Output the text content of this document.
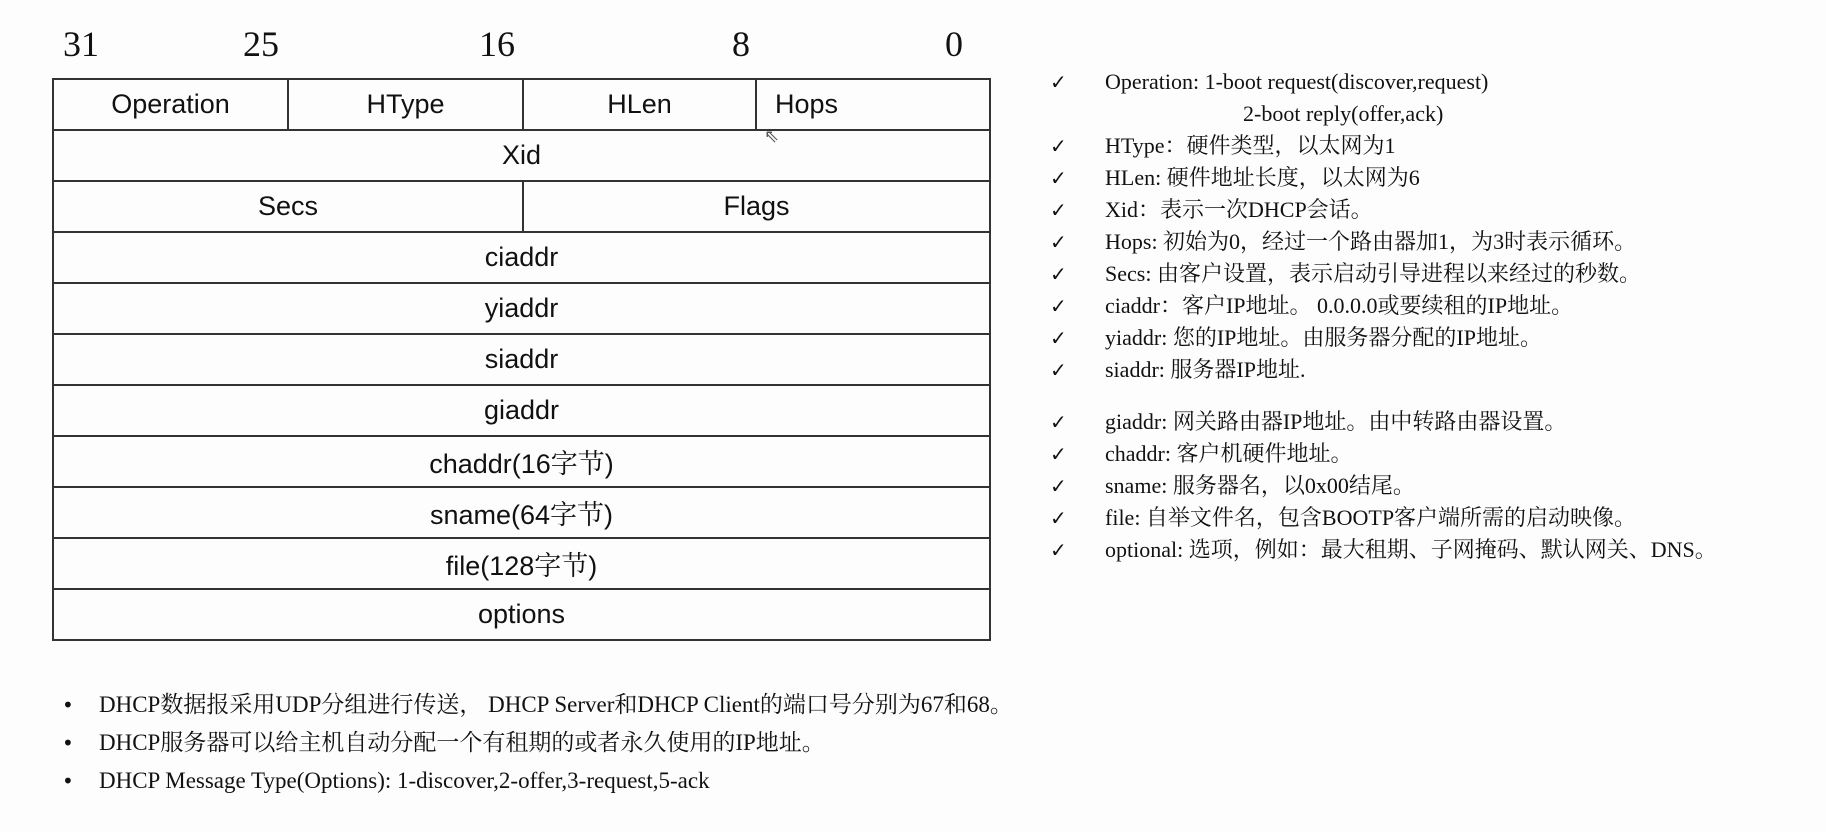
31	25	16	8	0
Operation	HType	HLen	Hops
Xid			
Secs		Flags	
ciaddr			
yiaddr			
siaddr			
giaddr			
chaddr(16字节)			
sname(64字节)			
file(128字节)			
options			
⇖
✓	Operation: 1-boot request(discover,request)
2-boot reply(offer,ack)
✓	HType：硬件类型，以太网为1
✓	HLen: 硬件地址长度，以太网为6
✓	Xid：表示一次DHCP会话。
✓	Hops: 初始为0，经过一个路由器加1，为3时表示循环。
✓	Secs: 由客户设置，表示启动引导进程以来经过的秒数。
✓	ciaddr：客户IP地址。 0.0.0.0或要续租的IP地址。
✓	yiaddr: 您的IP地址。由服务器分配的IP地址。
✓	siaddr: 服务器IP地址.
✓	giaddr: 网关路由器IP地址。由中转路由器设置。
✓	chaddr: 客户机硬件地址。
✓	sname: 服务器名，以0x00结尾。
✓	file: 自举文件名，包含BOOTP客户端所需的启动映像。
✓	optional: 选项，例如：最大租期、子网掩码、默认网关、DNS。
• DHCP数据报采用UDP分组进行传送， DHCP Server和DHCP Client的端口号分别为67和68。
• DHCP服务器可以给主机自动分配一个有租期的或者永久使用的IP地址。
• DHCP Message Type(Options): 1-discover,2-offer,3-request,5-ack
